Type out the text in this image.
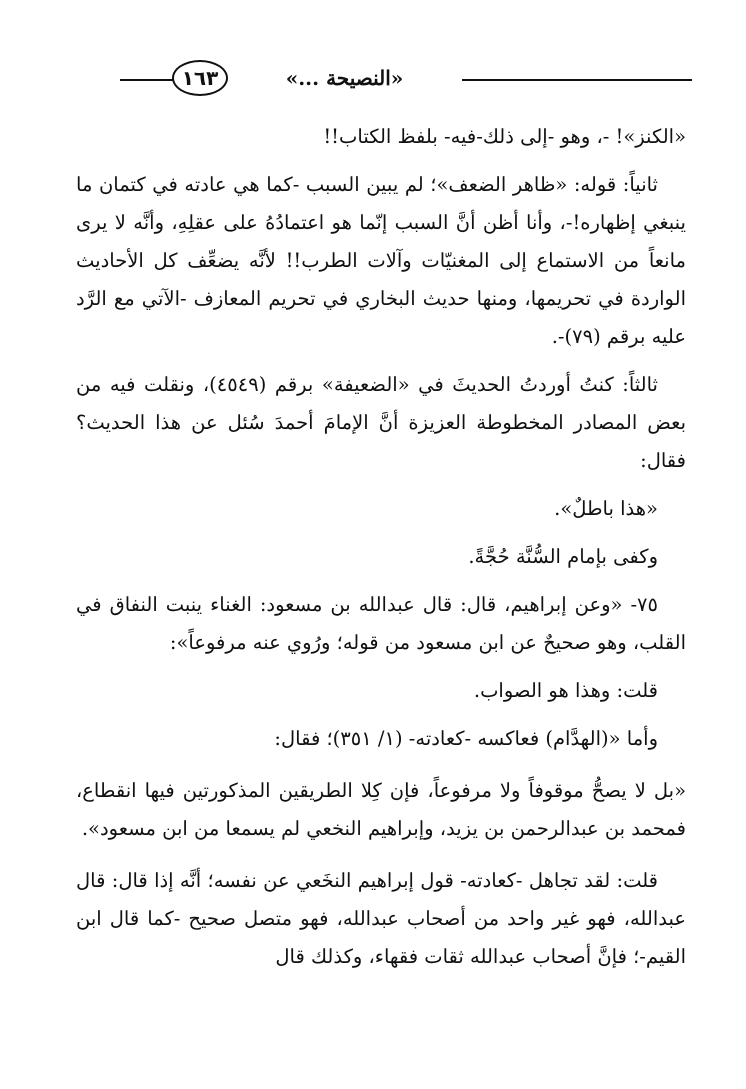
١٦٣	«النصيحة ...»

«الكنز»! -، وهو -إلى ذلك-فيه- بلفظ الكتاب!!

ثانياً: قوله: «ظاهر الضعف»؛ لم يبين السبب -كما هي عادته في كتمان ما ينبغي إظهاره!-، وأنا أظن أنَّ السبب إنّما هو اعتمادُهُ على عقلِهِ، وأنَّه لا يرى مانعاً من الاستماع إلى المغنيّات وآلات الطرب!! لأنَّه يضعِّف كل الأحاديث الواردة في تحريمها، ومنها حديث البخاري في تحريم المعازف -الآتي مع الرَّد عليه برقم (٧٩)-.

ثالثاً: كنتُ أوردتُ الحديثَ في «الضعيفة» برقم (٤٥٤٩)، ونقلت فيه من بعض المصادر المخطوطة العزيزة أنَّ الإمامَ أحمدَ سُئل عن هذا الحديث؟ فقال:

«هذا باطلٌ».

وكفى بإمام السُّنَّة حُجَّةً.

٧٥- «وعن إبراهيم، قال: قال عبدالله بن مسعود: الغناء ينبت النفاق في القلب، وهو صحيحٌ عن ابن مسعود من قوله؛ ورُوي عنه مرفوعاً»:

قلت: وهذا هو الصواب.

وأما «(الهدَّام) فعاكسه -كعادته- (١/ ٣٥١)؛ فقال:

«بل لا يصحُّ موقوفاً ولا مرفوعاً، فإن كِلا الطريقين المذكورتين فيها انقطاع، فمحمد بن عبدالرحمن بن يزيد، وإبراهيم النخعي لم يسمعا من ابن مسعود».

قلت: لقد تجاهل -كعادته- قول إبراهيم النخَعي عن نفسه؛ أنَّه إذا قال: قال عبدالله، فهو غير واحد من أصحاب عبدالله، فهو متصل صحيح -كما قال ابن القيم-؛ فإنَّ أصحاب عبدالله ثقات فقهاء، وكذلك قال
